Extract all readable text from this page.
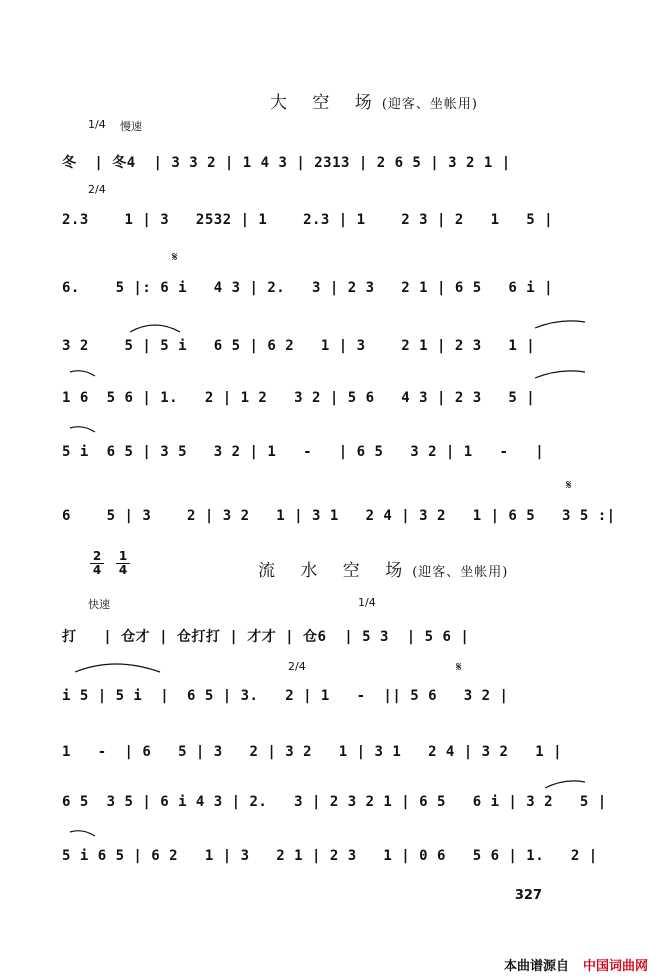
大 空 场(迎客、坐帐用)
1/4 慢速
冬  | 冬4  | 3 3 2 | 1 4 3 | 2313 | 2 6 5 | 3 2 1 |
2/4
2.3    1 | 3   2532 | 1    2.3 | 1    2 3 | 2   1   5 |
𝄋
6.    5 |: 6 i   4 3 | 2.   3 | 2 3   2 1 | 6 5   6 i |
3 2    5 | 5 i   6 5 | 6 2   1 | 3    2 1 | 2 3   1 |
1 6  5 6 | 1.   2 | 1 2   3 2 | 5 6   4 3 | 2 3   5 |
5 i  6 5 | 3 5   3 2 | 1   -   | 6 5   3 2 | 1   -   |
𝄋
6    5 | 3    2 | 3 2   1 | 3 1   2 4 | 3 2   1 | 6 5   3 5 :|
2
4
1
4	流 水 空 场(迎客、坐帐用)
快速	1/4
打   | 仓才 | 仓打打 | 才才 | 仓6  | 5 3  | 5 6 |
2/4	𝄋
i 5 | 5 i  |  6 5 | 3.   2 | 1   -  || 5 6   3 2 |
1   -  | 6   5 | 3   2 | 3 2   1 | 3 1   2 4 | 3 2   1 |
6 5  3 5 | 6 i 4 3 | 2.   3 | 2 3 2 1 | 6 5   6 i | 3 2   5 |
5 i 6 5 | 6 2   1 | 3   2 1 | 2 3   1 | 0 6   5 6 | 1.   2 |
327
本曲谱源自 中国词曲网
